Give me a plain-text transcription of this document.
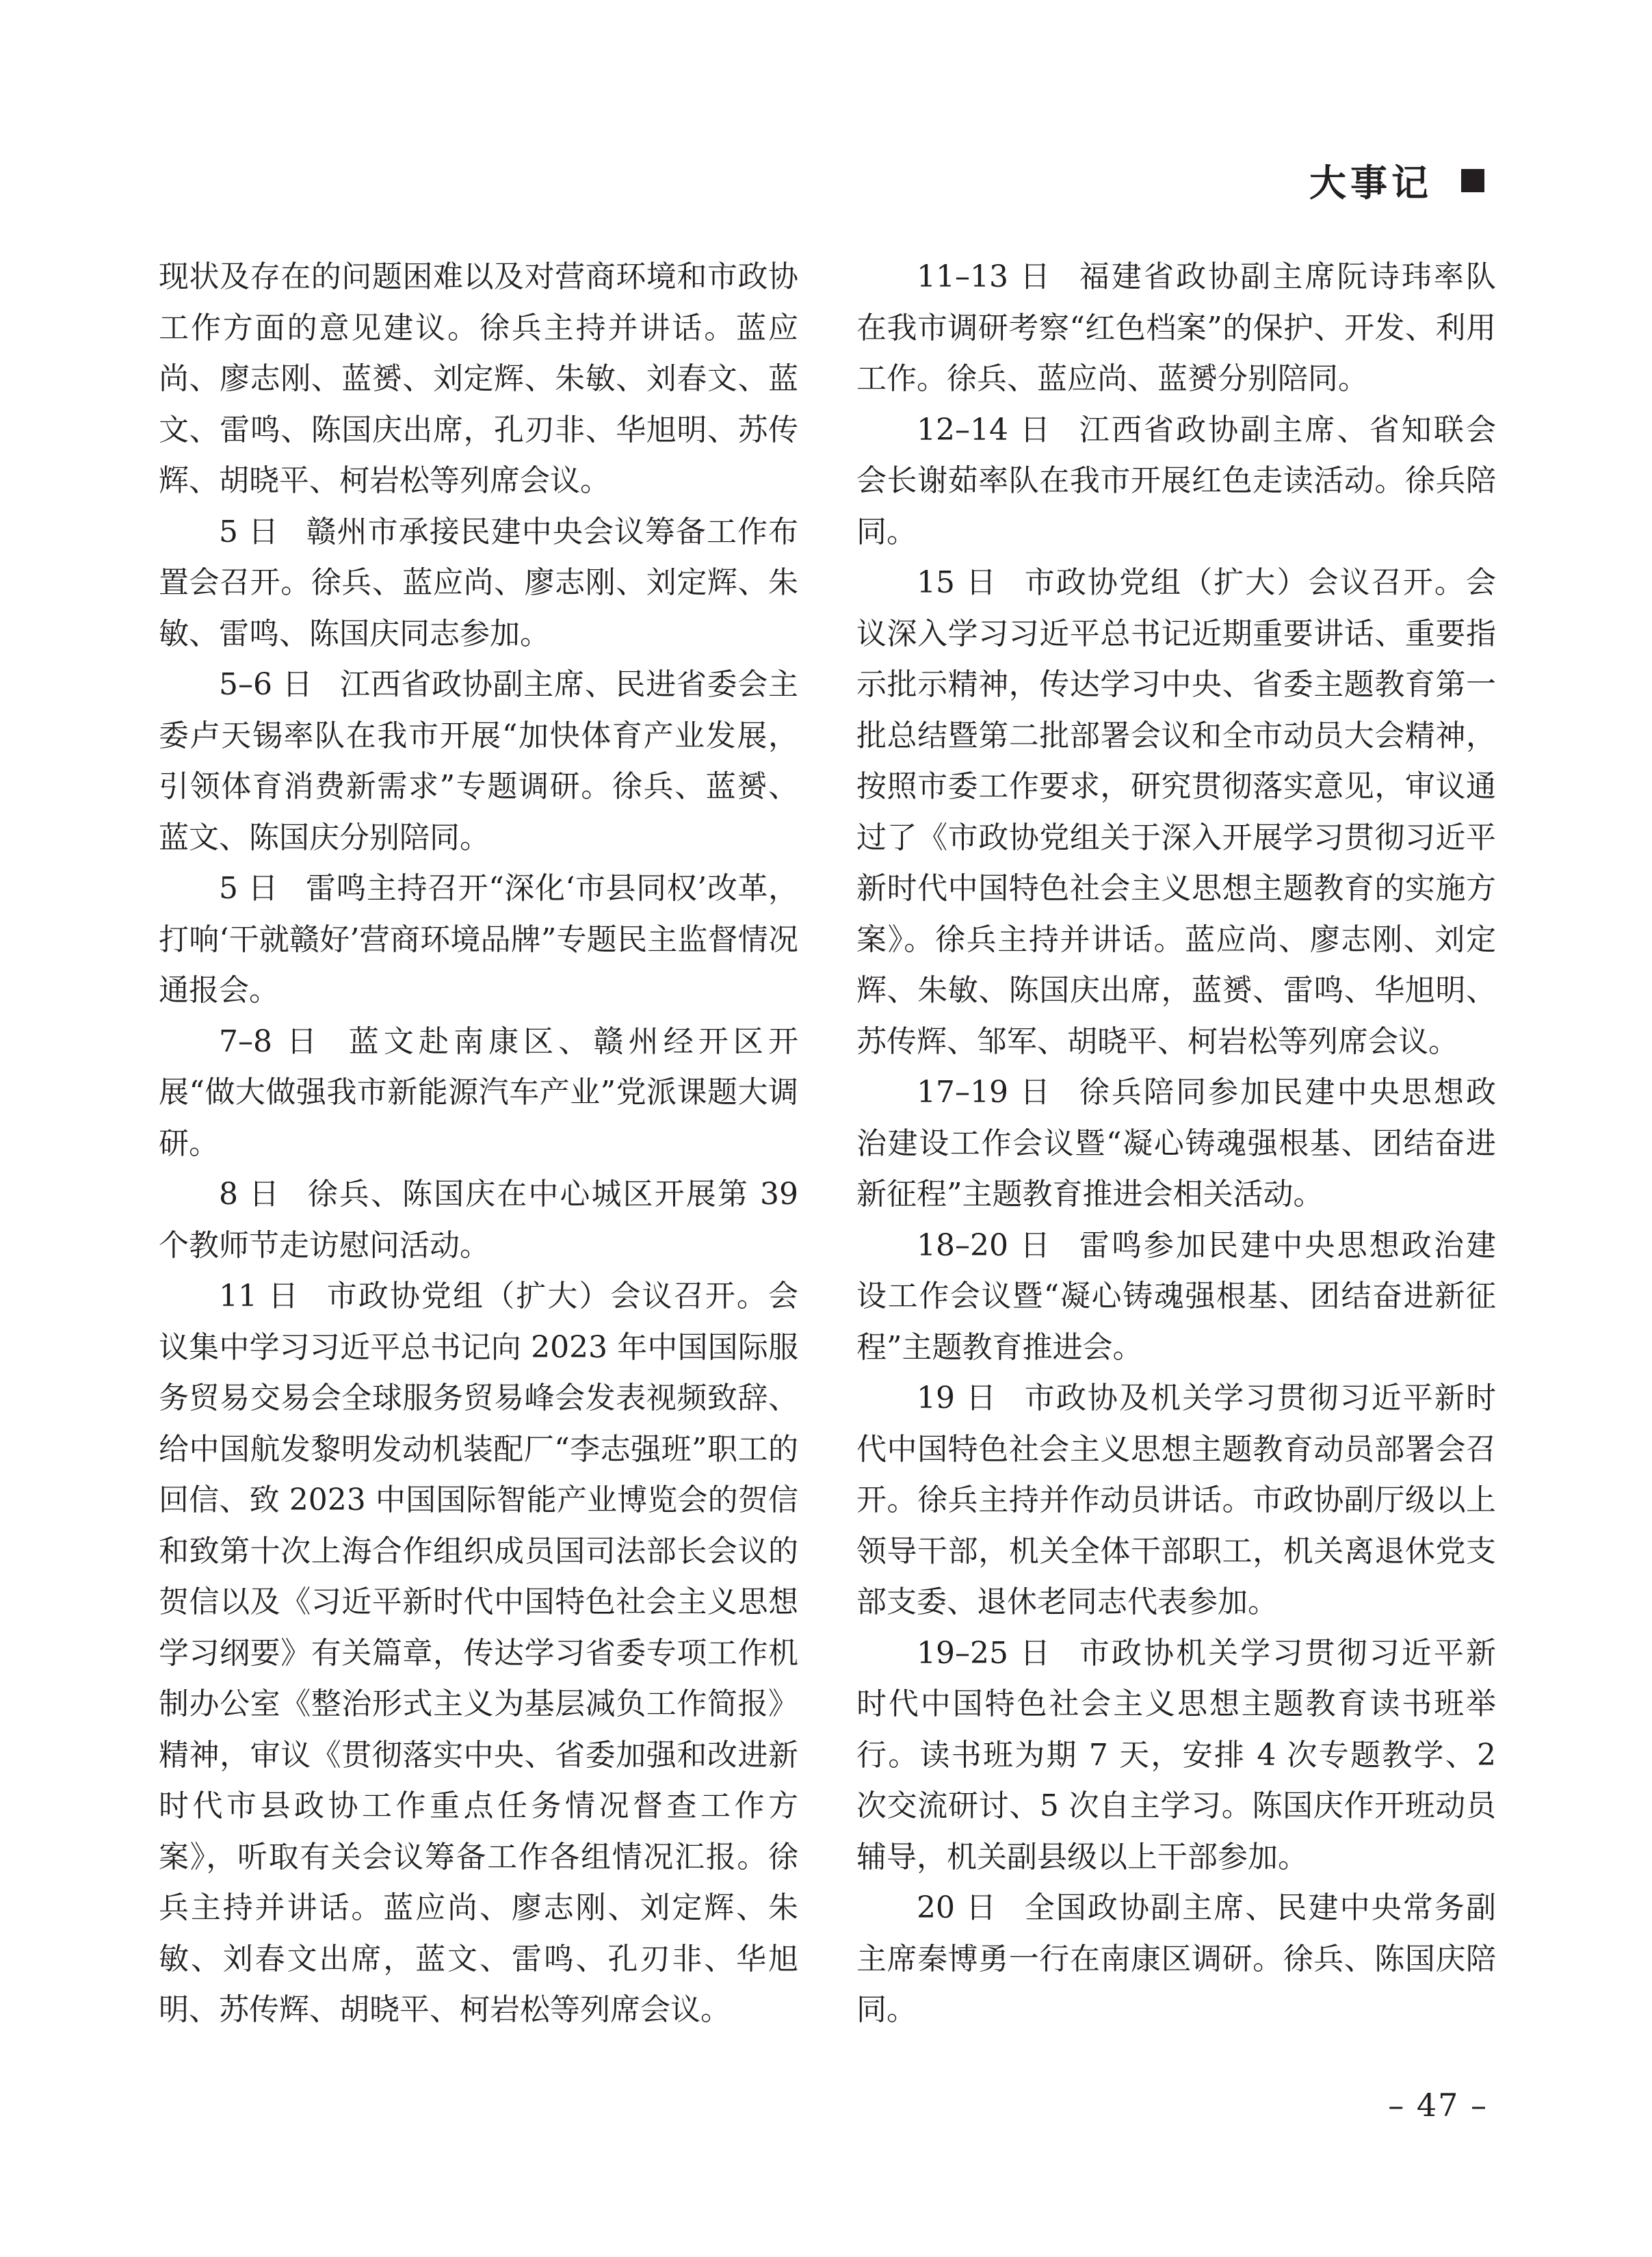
大事记

现状及存在的问题困难以及对营商环境和市政协工作方面的意见建议。徐兵主持并讲话。蓝应尚、廖志刚、蓝赟、刘定辉、朱敏、刘春文、蓝文、雷鸣、陈国庆出席，孔刃非、华旭明、苏传辉、胡晓平、柯岩松等列席会议。

5 日 赣州市承接民建中央会议筹备工作布置会召开。徐兵、蓝应尚、廖志刚、刘定辉、朱敏、雷鸣、陈国庆同志参加。

5–6 日 江西省政协副主席、民进省委会主委卢天锡率队在我市开展“加快体育产业发展，引领体育消费新需求”专题调研。徐兵、蓝赟、蓝文、陈国庆分别陪同。

5 日 雷鸣主持召开“深化‘市县同权’改革，打响‘干就赣好’营商环境品牌”专题民主监督情况通报会。

7–8 日 蓝文赴南康区、赣州经开区开展“做大做强我市新能源汽车产业”党派课题大调研。

8 日 徐兵、陈国庆在中心城区开展第 39 个教师节走访慰问活动。

11 日 市政协党组（扩大）会议召开。会议集中学习习近平总书记向 2023 年中国国际服务贸易交易会全球服务贸易峰会发表视频致辞、给中国航发黎明发动机装配厂“李志强班”职工的回信、致 2023 中国国际智能产业博览会的贺信和致第十次上海合作组织成员国司法部长会议的贺信以及《习近平新时代中国特色社会主义思想学习纲要》有关篇章，传达学习省委专项工作机制办公室《整治形式主义为基层减负工作简报》精神，审议《贯彻落实中央、省委加强和改进新时代市县政协工作重点任务情况督查工作方案》，听取有关会议筹备工作各组情况汇报。徐兵主持并讲话。蓝应尚、廖志刚、刘定辉、朱敏、刘春文出席，蓝文、雷鸣、孔刃非、华旭明、苏传辉、胡晓平、柯岩松等列席会议。

11–13 日 福建省政协副主席阮诗玮率队在我市调研考察“红色档案”的保护、开发、利用工作。徐兵、蓝应尚、蓝赟分别陪同。

12–14 日 江西省政协副主席、省知联会会长谢茹率队在我市开展红色走读活动。徐兵陪同。

15 日 市政协党组（扩大）会议召开。会议深入学习习近平总书记近期重要讲话、重要指示批示精神，传达学习中央、省委主题教育第一批总结暨第二批部署会议和全市动员大会精神，按照市委工作要求，研究贯彻落实意见，审议通过了《市政协党组关于深入开展学习贯彻习近平新时代中国特色社会主义思想主题教育的实施方案》。徐兵主持并讲话。蓝应尚、廖志刚、刘定辉、朱敏、陈国庆出席，蓝赟、雷鸣、华旭明、苏传辉、邹军、胡晓平、柯岩松等列席会议。

17–19 日 徐兵陪同参加民建中央思想政治建设工作会议暨“凝心铸魂强根基、团结奋进新征程”主题教育推进会相关活动。

18–20 日 雷鸣参加民建中央思想政治建设工作会议暨“凝心铸魂强根基、团结奋进新征程”主题教育推进会。

19 日 市政协及机关学习贯彻习近平新时代中国特色社会主义思想主题教育动员部署会召开。徐兵主持并作动员讲话。市政协副厅级以上领导干部，机关全体干部职工，机关离退休党支部支委、退休老同志代表参加。

19–25 日 市政协机关学习贯彻习近平新时代中国特色社会主义思想主题教育读书班举行。读书班为期 7 天，安排 4 次专题教学、2 次交流研讨、5 次自主学习。陈国庆作开班动员辅导，机关副县级以上干部参加。

20 日 全国政协副主席、民建中央常务副主席秦博勇一行在南康区调研。徐兵、陈国庆陪同。

– 47 –
